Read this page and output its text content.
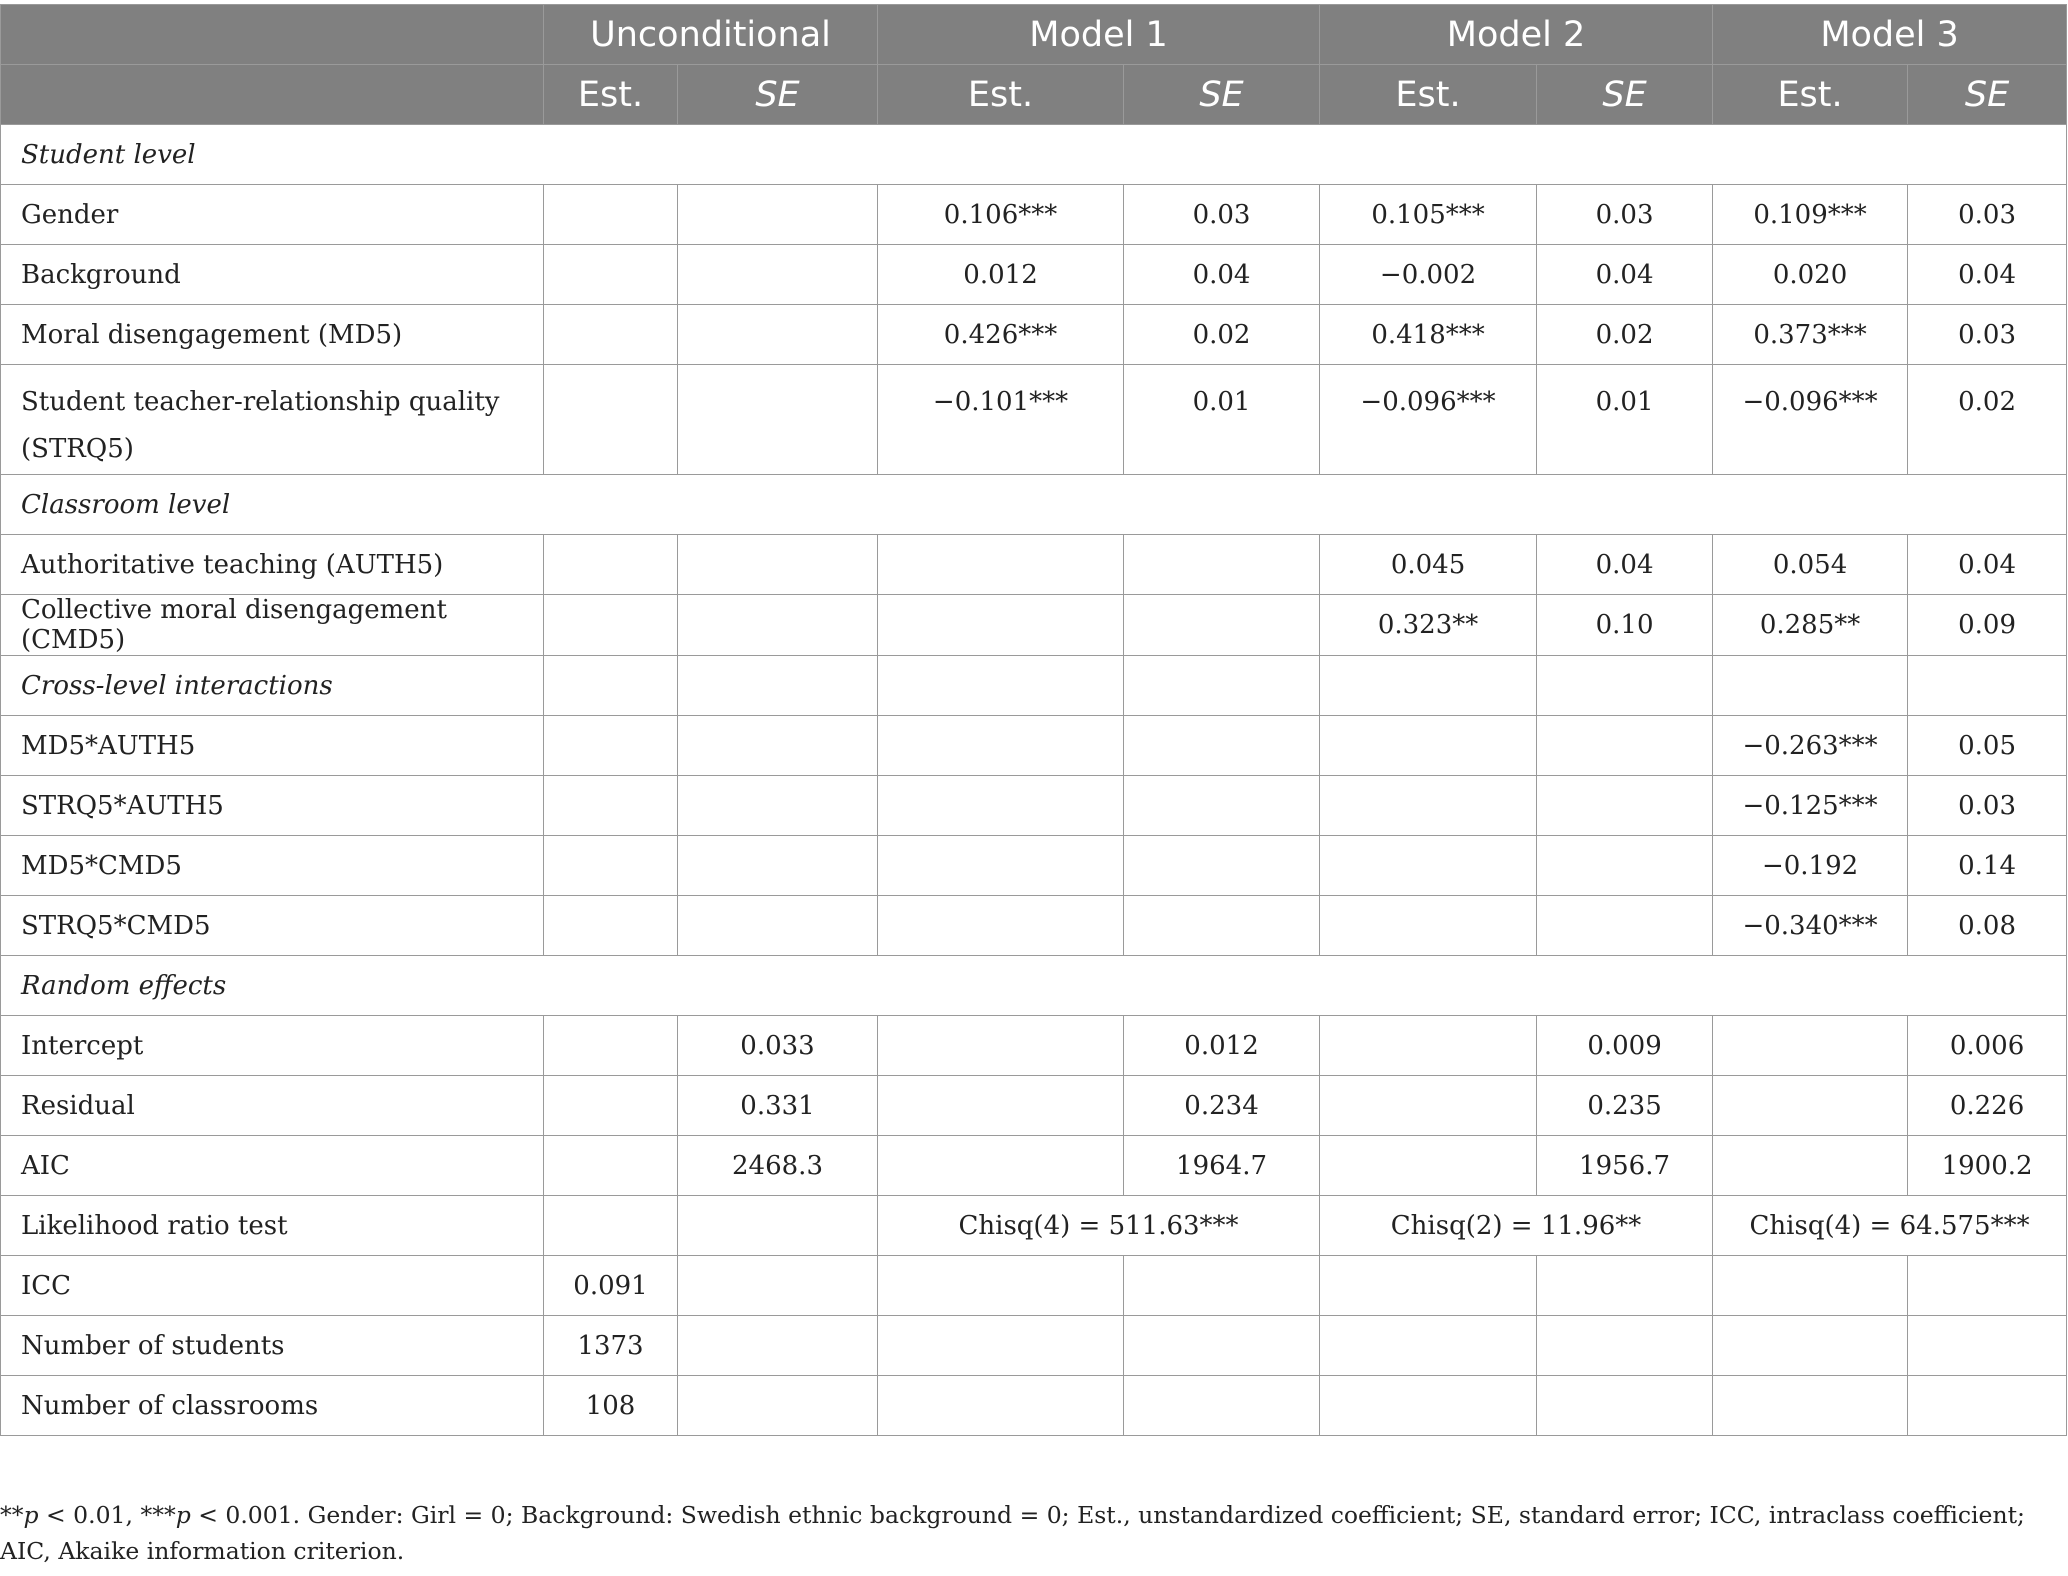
	Unconditional		Model 1		Model 2		Model 3	
	Est.	SE	Est.	SE	Est.	SE	Est.	SE
Student level								
Gender			0.106***	0.03	0.105***	0.03	0.109***	0.03
Background			0.012	0.04	−0.002	0.04	0.020	0.04
Moral disengagement (MD5)			0.426***	0.02	0.418***	0.02	0.373***	0.03
Student teacher-relationship quality (STRQ5)			−0.101***	0.01	−0.096***	0.01	−0.096***	0.02
Classroom level								
Authoritative teaching (AUTH5)					0.045	0.04	0.054	0.04
Collective moral disengagement (CMD5)					0.323**	0.10	0.285**	0.09
Cross-level interactions								
MD5*AUTH5							−0.263***	0.05
STRQ5*AUTH5							−0.125***	0.03
MD5*CMD5							−0.192	0.14
STRQ5*CMD5							−0.340***	0.08
Random effects								
Intercept		0.033		0.012		0.009		0.006
Residual		0.331		0.234		0.235		0.226
AIC		2468.3		1964.7		1956.7		1900.2
Likelihood ratio test			Chisq(4) = 511.63***		Chisq(2) = 11.96**		Chisq(4) = 64.575***	
ICC	0.091							
Number of students	1373							
Number of classrooms	108							
**p < 0.01, ***p < 0.001. Gender: Girl = 0; Background: Swedish ethnic background = 0; Est., unstandardized coefficient; SE, standard error; ICC, intraclass coefficient; AIC, Akaike information criterion.
